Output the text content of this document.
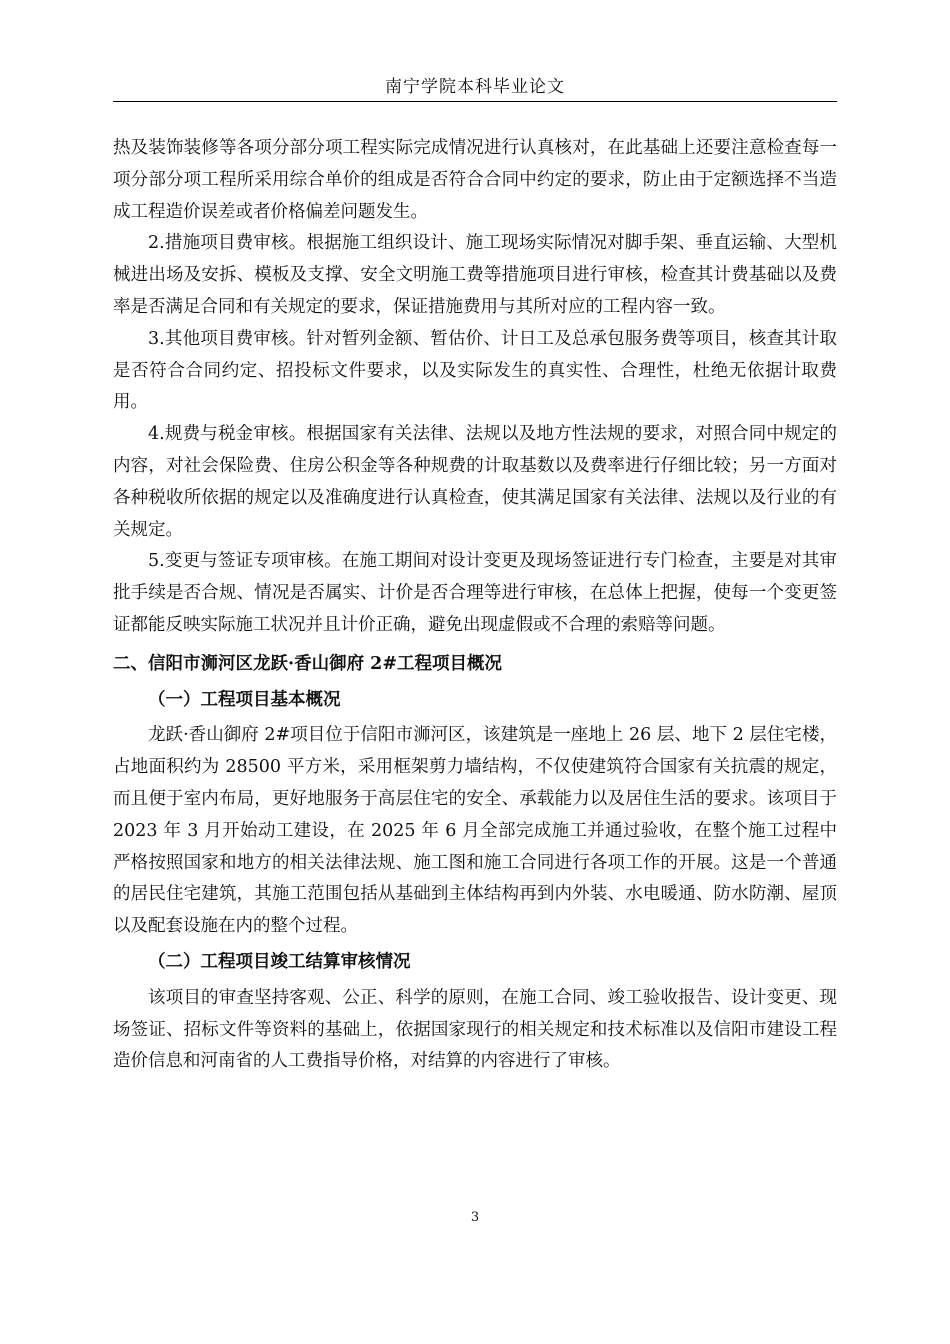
南宁学院本科毕业论文

热及装饰装修等各项分部分项工程实际完成情况进行认真核对，在此基础上还要注意检查每一项分部分项工程所采用综合单价的组成是否符合合同中约定的要求，防止由于定额选择不当造成工程造价误差或者价格偏差问题发生。

2.措施项目费审核。根据施工组织设计、施工现场实际情况对脚手架、垂直运输、大型机械进出场及安拆、模板及支撑、安全文明施工费等措施项目进行审核，检查其计费基础以及费率是否满足合同和有关规定的要求，保证措施费用与其所对应的工程内容一致。

3.其他项目费审核。针对暂列金额、暂估价、计日工及总承包服务费等项目，核查其计取是否符合合同约定、招投标文件要求，以及实际发生的真实性、合理性，杜绝无依据计取费用。

4.规费与税金审核。根据国家有关法律、法规以及地方性法规的要求，对照合同中规定的内容，对社会保险费、住房公积金等各种规费的计取基数以及费率进行仔细比较；另一方面对各种税收所依据的规定以及准确度进行认真检查，使其满足国家有关法律、法规以及行业的有关规定。

5.变更与签证专项审核。在施工期间对设计变更及现场签证进行专门检查，主要是对其审批手续是否合规、情况是否属实、计价是否合理等进行审核，在总体上把握，使每一个变更签证都能反映实际施工状况并且计价正确，避免出现虚假或不合理的索赔等问题。

二、信阳市浉河区龙跃·香山御府 2#工程项目概况
（一）工程项目基本概况

龙跃·香山御府 2#项目位于信阳市浉河区，该建筑是一座地上 26 层、地下 2 层住宅楼，占地面积约为 28500 平方米，采用框架剪力墙结构，不仅使建筑符合国家有关抗震的规定，而且便于室内布局，更好地服务于高层住宅的安全、承载能力以及居住生活的要求。该项目于 2023 年 3 月开始动工建设，在 2025 年 6 月全部完成施工并通过验收，在整个施工过程中严格按照国家和地方的相关法律法规、施工图和施工合同进行各项工作的开展。这是一个普通的居民住宅建筑，其施工范围包括从基础到主体结构再到内外装、水电暖通、防水防潮、屋顶以及配套设施在内的整个过程。

（二）工程项目竣工结算审核情况

该项目的审查坚持客观、公正、科学的原则，在施工合同、竣工验收报告、设计变更、现场签证、招标文件等资料的基础上，依据国家现行的相关规定和技术标准以及信阳市建设工程造价信息和河南省的人工费指导价格，对结算的内容进行了审核。

3
